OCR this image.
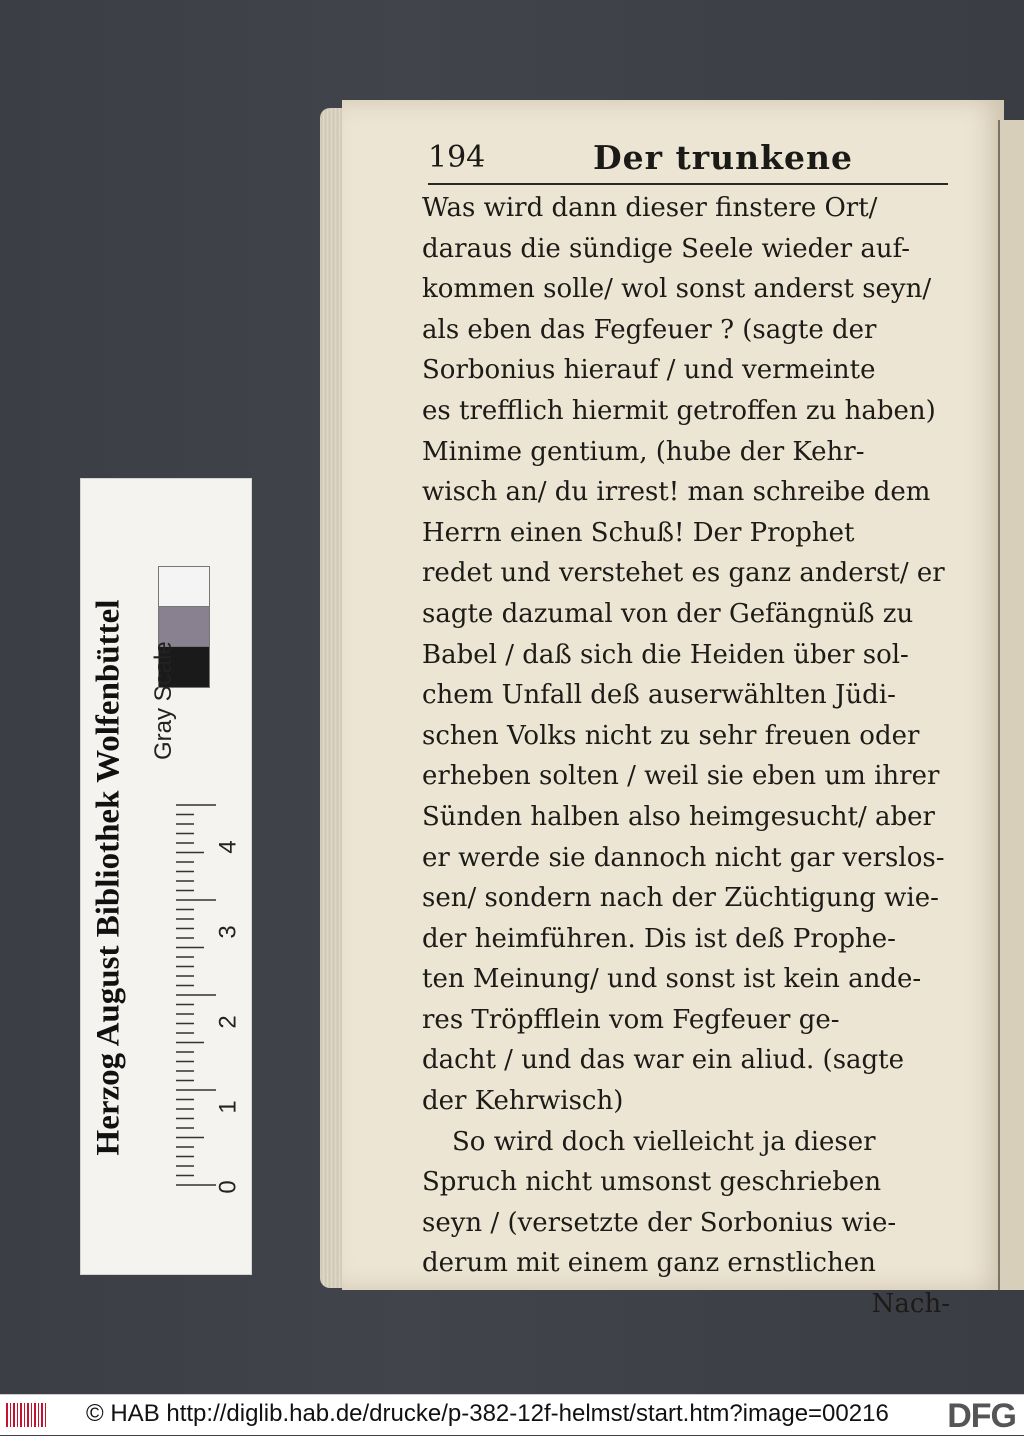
Herzog August Bibliothek Wolfenbüttel Gray Scale
0
1
2
3
4
194	Der trunkene
Was wird dann dieser finstere Ort/
daraus die sündige Seele wieder auf-
kommen solle/ wol sonst anderst seyn/
als eben das Fegfeuer ? (sagte der
Sorbonius hierauf / und vermeinte
es trefflich hiermit getroffen zu haben)
Minime gentium, (hube der Kehr-
wisch an/ du irrest! man schreibe dem
Herrn einen Schuß! Der Prophet
redet und verstehet es ganz anderst/ er
sagte dazumal von der Gefängnüß zu
Babel / daß sich die Heiden über sol-
chem Unfall deß auserwählten Jüdi-
schen Volks nicht zu sehr freuen oder
erheben solten / weil sie eben um ihrer
Sünden halben also heimgesucht/ aber
er werde sie dannoch nicht gar verslos-
sen/ sondern nach der Züchtigung wie-
der heimführen. Dis ist deß Prophe-
ten Meinung/ und sonst ist kein ande-
res Tröpfflein vom Fegfeuer ge-
dacht / und das war ein aliud. (sagte
der Kehrwisch)
So wird doch vielleicht ja dieser
Spruch nicht umsonst geschrieben
seyn / (versetzte der Sorbonius wie-
derum mit einem ganz ernstlichen
Nach-
© HAB http://diglib.hab.de/drucke/p-382-12f-helmst/start.htm?image=00216 DFG
